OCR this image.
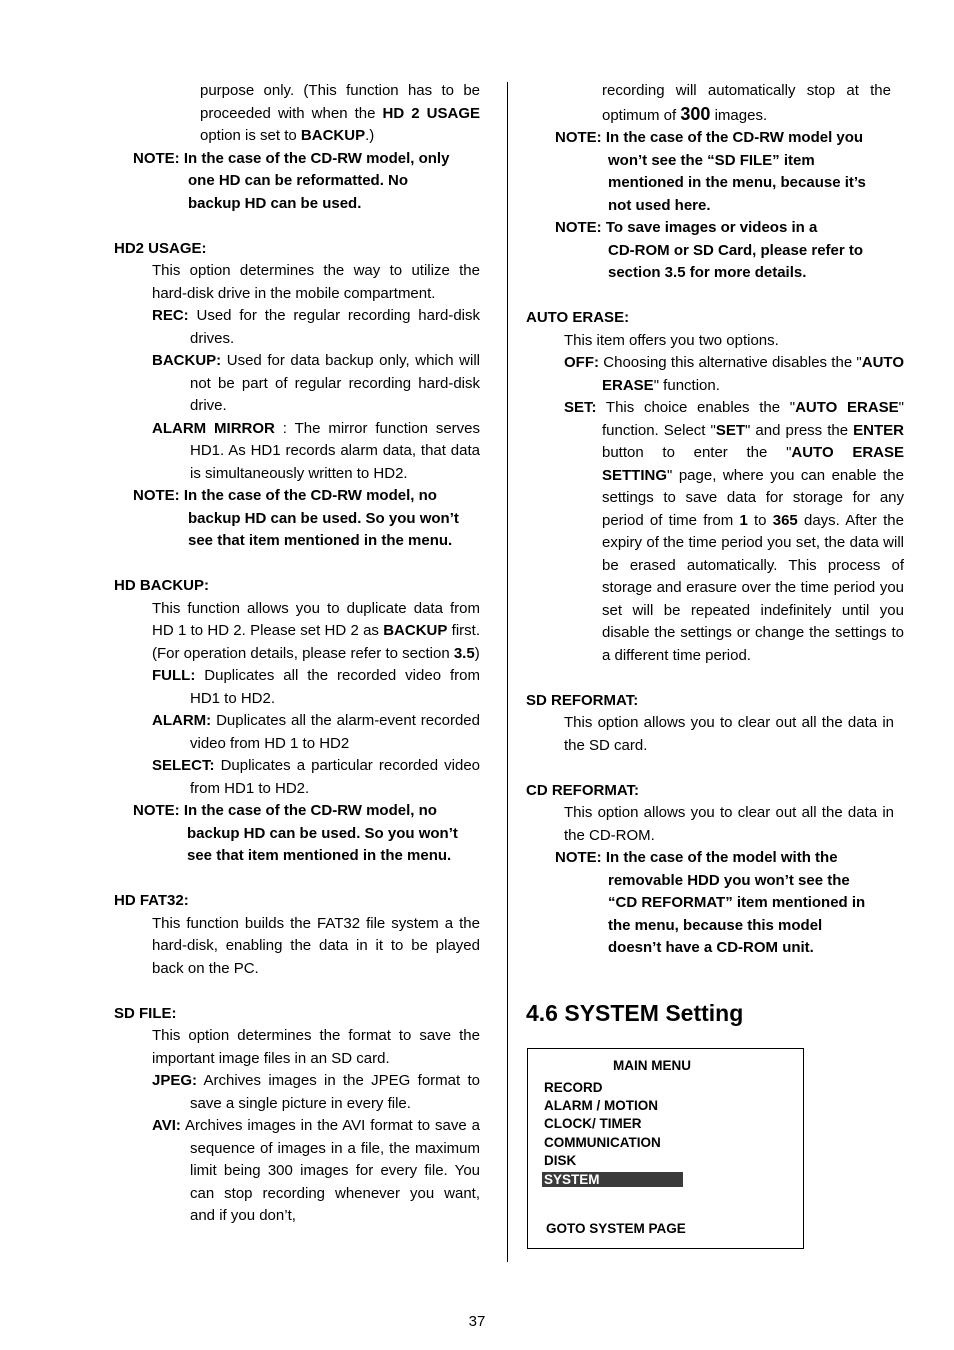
purpose only. (This function has to be proceeded with when the HD 2 USAGE option is set to BACKUP.)
NOTE: In the case of the CD-RW model, only
one HD can be reformatted. No
backup HD can be used.
HD2 USAGE:
This option determines the way to utilize the hard-disk drive in the mobile compartment.
REC: Used for the regular recording hard-disk drives.
BACKUP: Used for data backup only, which will not be part of regular recording hard-disk drive.
ALARM MIRROR : The mirror function serves HD1. As HD1 records alarm data, that data is simultaneously written to HD2.
NOTE: In the case of the CD-RW model, no
backup HD can be used. So you won’t
see that item mentioned in the menu.
HD BACKUP:
This function allows you to duplicate data from HD 1 to HD 2. Please set HD 2 as BACKUP first. (For operation details, please refer to section 3.5)
FULL: Duplicates all the recorded video from HD1 to HD2.
ALARM: Duplicates all the alarm-event recorded video from HD 1 to HD2
SELECT: Duplicates a particular recorded video from HD1 to HD2.
NOTE: In the case of the CD-RW model, no
backup HD can be used. So you won’t
see that item mentioned in the menu.
HD FAT32:
This function builds the FAT32 file system a the hard-disk, enabling the data in it to be played back on the PC.
SD FILE:
This option determines the format to save the important image files in an SD card.
JPEG: Archives images in the JPEG format to save a single picture in every file.
AVI: Archives images in the AVI format to save a sequence of images in a file, the maximum limit being 300 images for every file. You can stop recording whenever you want, and if you don’t,
recording will automatically stop at the optimum of 300 images.
NOTE: In the case of the CD-RW model you
won’t see the “SD FILE” item
mentioned in the menu, because it’s
not used here.
NOTE: To save images or videos in a
CD-ROM or SD Card, please refer to
section 3.5 for more details.
AUTO ERASE:
This item offers you two options.
OFF: Choosing this alternative disables the "AUTO ERASE" function.
SET: This choice enables the "AUTO ERASE" function. Select "SET" and press the ENTER button to enter the "AUTO ERASE SETTING" page, where you can enable the settings to save data for storage for any period of time from 1 to 365 days. After the expiry of the time period you set, the data will be erased automatically. This process of storage and erasure over the time period you set will be repeated indefinitely until you disable the settings or change the settings to a different time period.
SD REFORMAT:
This option allows you to clear out all the data in the SD card.
CD REFORMAT:
This option allows you to clear out all the data in the CD-ROM.
NOTE: In the case of the model with the
removable HDD you won’t see the
“CD REFORMAT” item mentioned in
the menu, because this model
doesn’t have a CD-ROM unit.
4.6 SYSTEM Setting
MAIN MENU
RECORD
ALARM / MOTION
CLOCK/ TIMER
COMMUNICATION
DISK
SYSTEM
GOTO SYSTEM PAGE
37
